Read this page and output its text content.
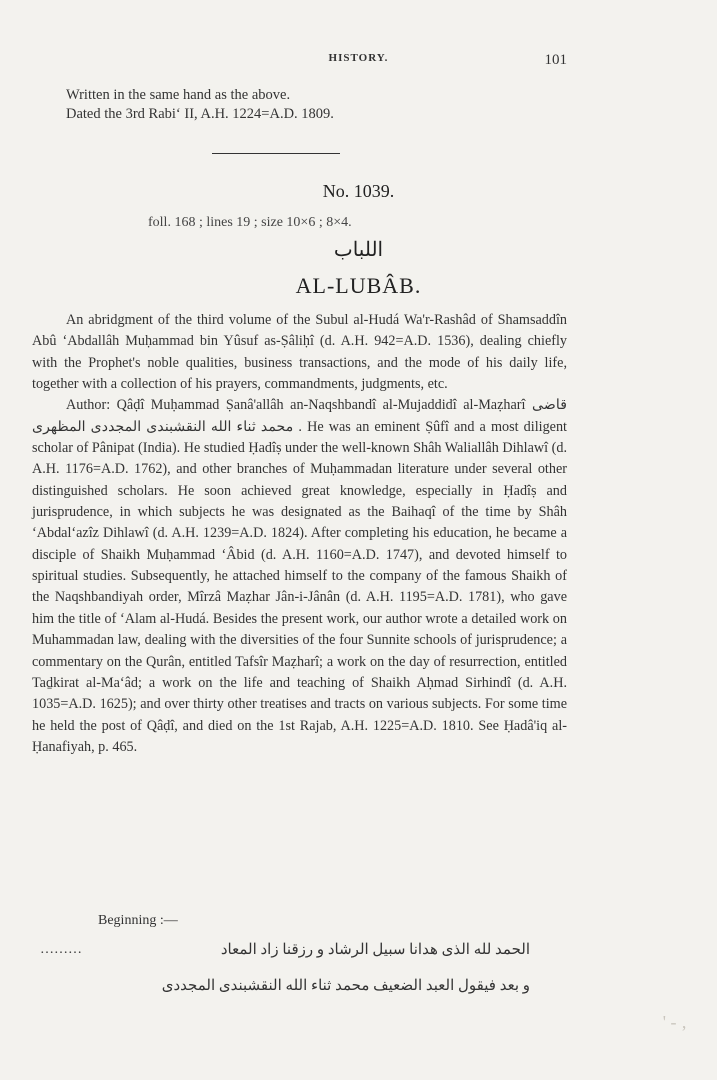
HISTORY.	101
Written in the same hand as the above.
Dated the 3rd Rabiʻ II, A.H. 1224=A.D. 1809.
No. 1039.
foll. 168 ; lines 19 ; size 10×6 ; 8×4.
اللباب
AL-LUBÂB.

An abridgment of the third volume of the Subul al-Hudá Wa'r-Rashâd of Shamsaddîn Abû ʻAbdallâh Muḥammad bin Yûsuf as-Ṣâliḥî (d. A.H. 942=A.D. 1536), dealing chiefly with the Prophet's noble qualities, business transactions, and the mode of his daily life, together with a collection of his prayers, commandments, judgments, etc.

Author: Qâḍî Muḥammad Ṣanâ'allâh an-Naqshbandî al-Mujaddidî al-Maẓharî قاضی محمد ثناء الله النقشبندی المجددی المظهری . He was an eminent Ṣûfî and a most diligent scholar of Pânipat (India). He studied Ḥadîṣ under the well-known Shâh Waliallâh Dihlawî (d. A.H. 1176=A.D. 1762), and other branches of Muḥammadan literature under several other distinguished scholars. He soon achieved great knowledge, especially in Ḥadîṣ and jurisprudence, in which subjects he was designated as the Baihaqî of the time by Shâh ʻAbdalʻazîz Dihlawî (d. A.H. 1239=A.D. 1824). After completing his education, he became a disciple of Shaikh Muḥammad ʻÂbid (d. A.H. 1160=A.D. 1747), and devoted himself to spiritual studies. Subsequently, he attached himself to the company of the famous Shaikh of the Naqshbandiyah order, Mîrzâ Maẓhar Jân-i-Jânân (d. A.H. 1195=A.D. 1781), who gave him the title of ʻAlam al-Hudá. Besides the present work, our author wrote a detailed work on Muhammadan law, dealing with the diversities of the four Sunnite schools of jurisprudence; a commentary on the Qurân, entitled Tafsîr Maẓharî; a work on the day of resurrection, entitled Taḏkirat al-Maʻâd; a work on the life and teaching of Shaikh Aḥmad Sirhindî (d. A.H. 1035=A.D. 1625); and over thirty other treatises and tracts on various subjects. For some time he held the post of Qâḍî, and died on the 1st Rajab, A.H. 1225=A.D. 1810. See Ḥadâ'iq al-Ḥanafiyah, p. 465.

Beginning :—
………	الحمد لله الذى هدانا سبيل الرشاد و رزقنا زاد المعاد
و بعد فيقول العبد الضعيف محمد ثناء الله النقشبندى المجددى
' - ‚
